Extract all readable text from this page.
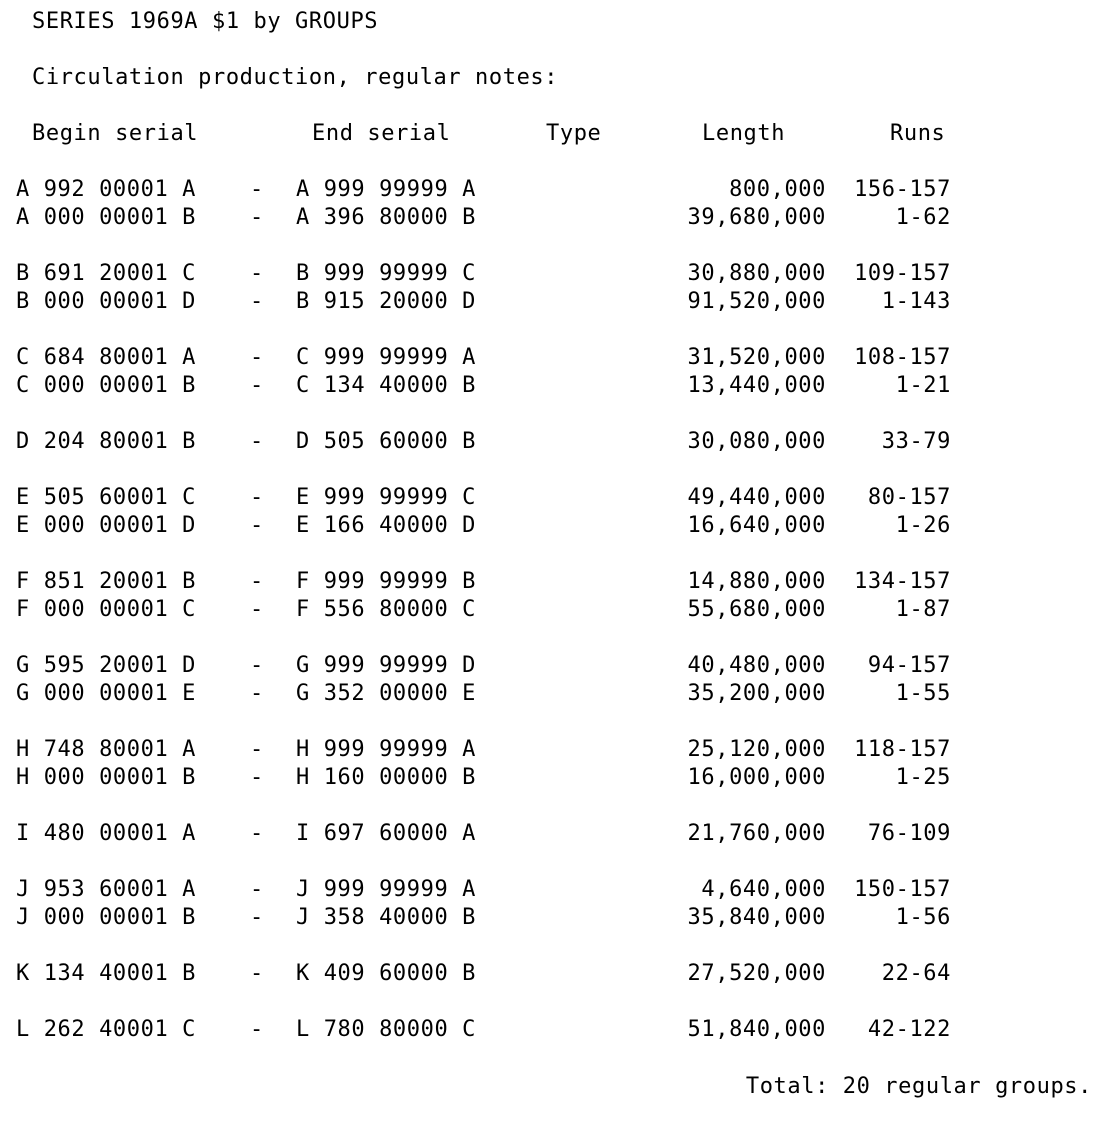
SERIES 1969A $1 by GROUPS
Circulation production, regular notes:
Begin serial	End serial	Type	Length	Runs
A 992 00001 A - A 999 99999 A	800,000	156-157
A 000 00001 B - A 396 80000 B	39,680,000	1-62
B 691 20001 C - B 999 99999 C	30,880,000	109-157
B 000 00001 D - B 915 20000 D	91,520,000	1-143
C 684 80001 A - C 999 99999 A	31,520,000	108-157
C 000 00001 B - C 134 40000 B	13,440,000	1-21
D 204 80001 B - D 505 60000 B	30,080,000	33-79
E 505 60001 C - E 999 99999 C	49,440,000	80-157
E 000 00001 D - E 166 40000 D	16,640,000	1-26
F 851 20001 B - F 999 99999 B	14,880,000	134-157
F 000 00001 C - F 556 80000 C	55,680,000	1-87
G 595 20001 D - G 999 99999 D	40,480,000	94-157
G 000 00001 E - G 352 00000 E	35,200,000	1-55
H 748 80001 A - H 999 99999 A	25,120,000	118-157
H 000 00001 B - H 160 00000 B	16,000,000	1-25
I 480 00001 A - I 697 60000 A	21,760,000	76-109
J 953 60001 A - J 999 99999 A	4,640,000	150-157
J 000 00001 B - J 358 40000 B	35,840,000	1-56
K 134 40001 B - K 409 60000 B	27,520,000	22-64
L 262 40001 C - L 780 80000 C	51,840,000	42-122
Total: 20 regular groups.
